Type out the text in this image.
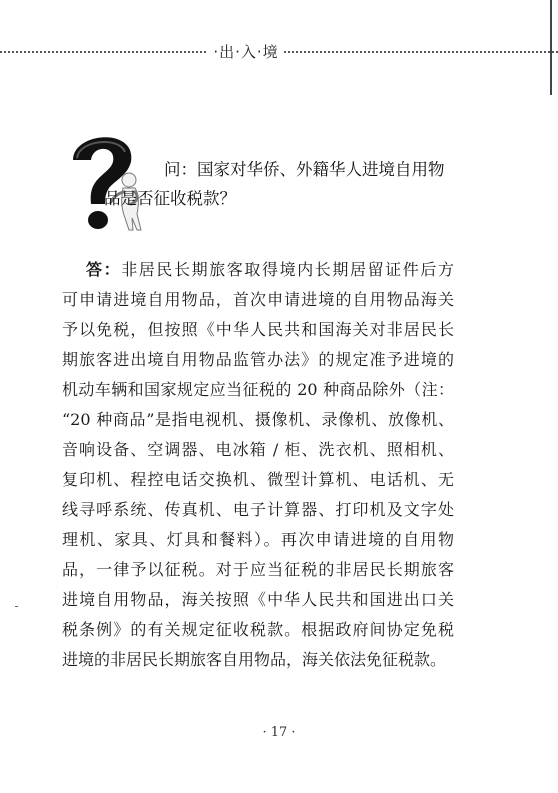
·出·入·境
问：国家对华侨、外籍华人进境自用物
品是否征收税款？
答：非居民长期旅客取得境内长期居留证件后方
可申请进境自用物品，首次申请进境的自用物品海关
予以免税，但按照《中华人民共和国海关对非居民长
期旅客进出境自用物品监管办法》的规定准予进境的
机动车辆和国家规定应当征税的 20 种商品除外（注：
“20 种商品”是指电视机、摄像机、录像机、放像机、
音响设备、空调器、电冰箱 / 柜、洗衣机、照相机、
复印机、程控电话交换机、微型计算机、电话机、无
线寻呼系统、传真机、电子计算器、打印机及文字处
理机、家具、灯具和餐料）。再次申请进境的自用物
品，一律予以征税。对于应当征税的非居民长期旅客
进境自用物品，海关按照《中华人民共和国进出口关
税条例》的有关规定征收税款。根据政府间协定免税
进境的非居民长期旅客自用物品，海关依法免征税款。
· 17 ·
